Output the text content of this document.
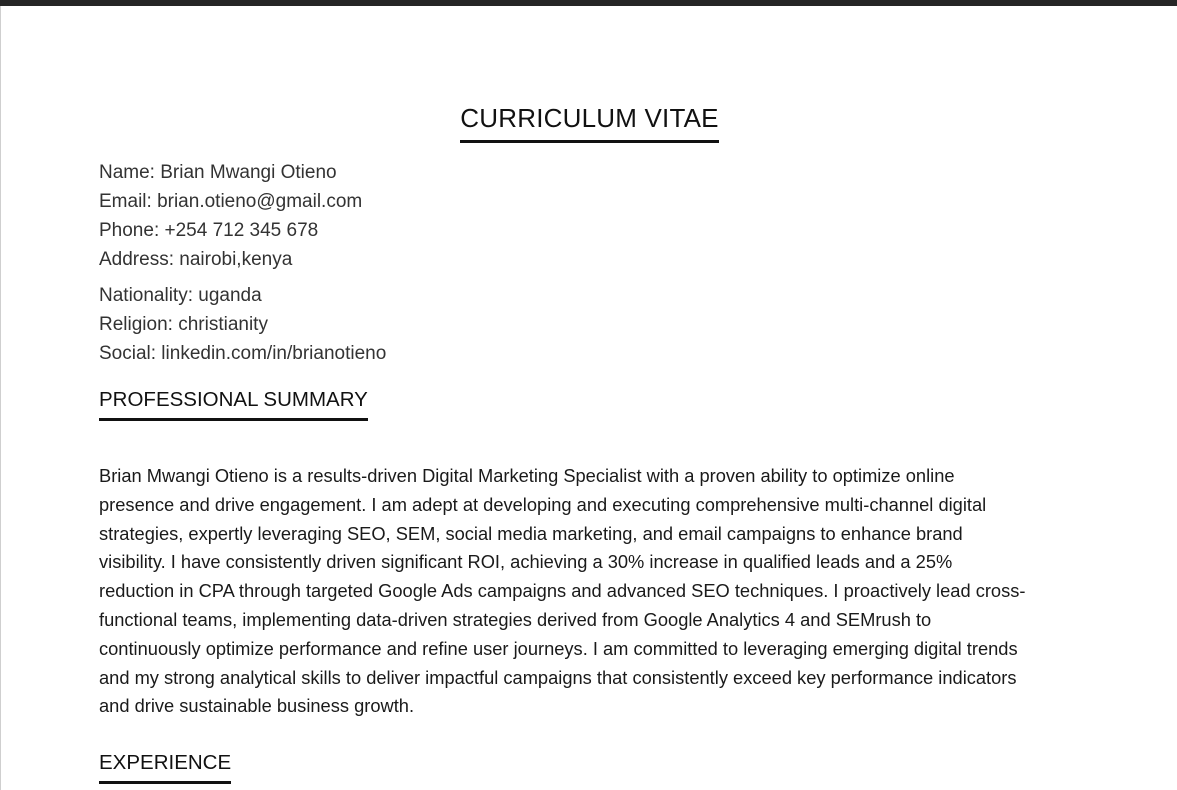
CURRICULUM VITAE
Name: Brian Mwangi Otieno
Email: brian.otieno@gmail.com
Phone: +254 712 345 678
Address: nairobi,kenya
Nationality: uganda
Religion: christianity
Social: linkedin.com/in/brianotieno
PROFESSIONAL SUMMARY
Brian Mwangi Otieno is a results-driven Digital Marketing Specialist with a proven ability to optimize online
presence and drive engagement. I am adept at developing and executing comprehensive multi-channel digital
strategies, expertly leveraging SEO, SEM, social media marketing, and email campaigns to enhance brand
visibility. I have consistently driven significant ROI, achieving a 30% increase in qualified leads and a 25%
reduction in CPA through targeted Google Ads campaigns and advanced SEO techniques. I proactively lead cross-
functional teams, implementing data-driven strategies derived from Google Analytics 4 and SEMrush to
continuously optimize performance and refine user journeys. I am committed to leveraging emerging digital trends
and my strong analytical skills to deliver impactful campaigns that consistently exceed key performance indicators
and drive sustainable business growth.
EXPERIENCE
